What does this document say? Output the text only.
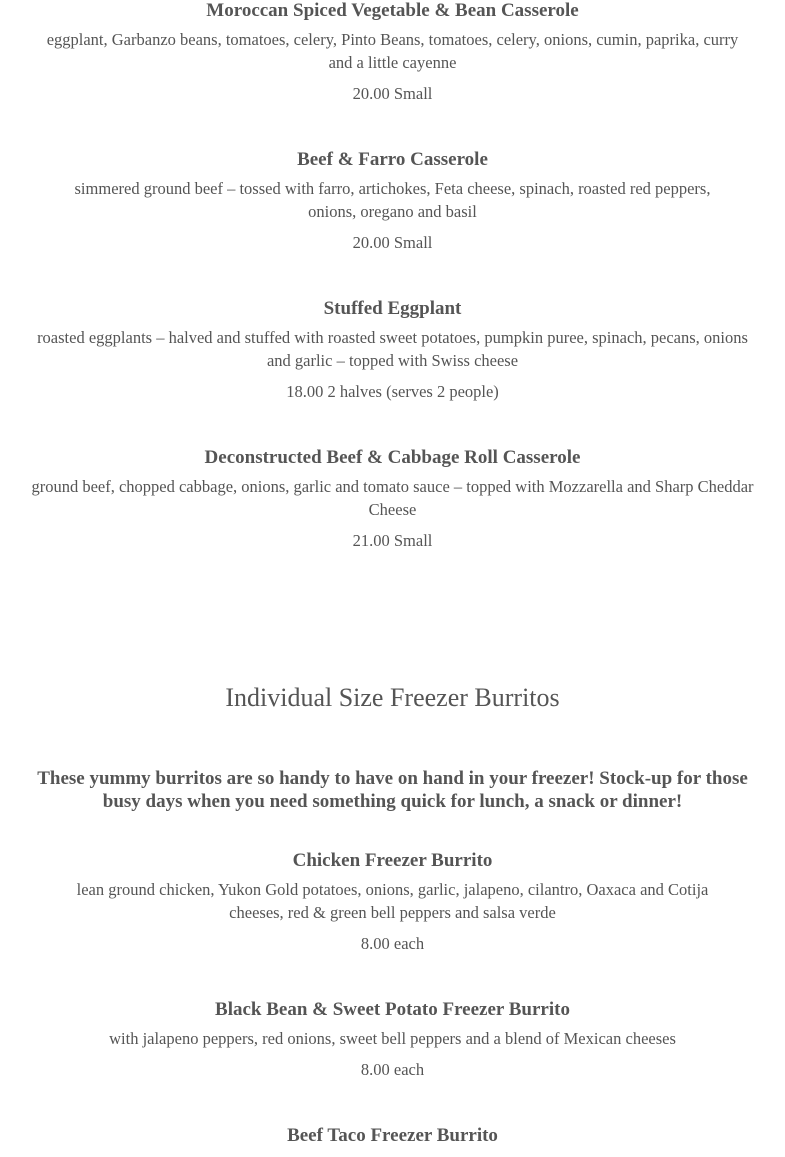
Moroccan Spiced Vegetable & Bean Casserole
eggplant, Garbanzo beans, tomatoes, celery, Pinto Beans, tomatoes, celery, onions, cumin, paprika, curry and a little cayenne
20.00 Small
Beef & Farro Casserole
simmered ground beef – tossed with farro, artichokes, Feta cheese, spinach, roasted red peppers, onions, oregano and basil
20.00 Small
Stuffed Eggplant
roasted eggplants – halved and stuffed with roasted sweet potatoes, pumpkin puree, spinach, pecans, onions and garlic – topped with Swiss cheese
18.00 2 halves (serves 2 people)
Deconstructed Beef & Cabbage Roll Casserole
ground beef, chopped cabbage, onions, garlic and tomato sauce – topped with Mozzarella and Sharp Cheddar Cheese
21.00 Small
Individual Size Freezer Burritos
These yummy burritos are so handy to have on hand in your freezer! Stock-up for those busy days when you need something quick for lunch, a snack or dinner!
Chicken Freezer Burrito
lean ground chicken, Yukon Gold potatoes, onions, garlic, jalapeno, cilantro, Oaxaca and Cotija cheeses, red & green bell peppers and salsa verde
8.00 each
Black Bean & Sweet Potato Freezer Burrito
with jalapeno peppers, red onions, sweet bell peppers and a blend of Mexican cheeses
8.00 each
Beef Taco Freezer Burrito
